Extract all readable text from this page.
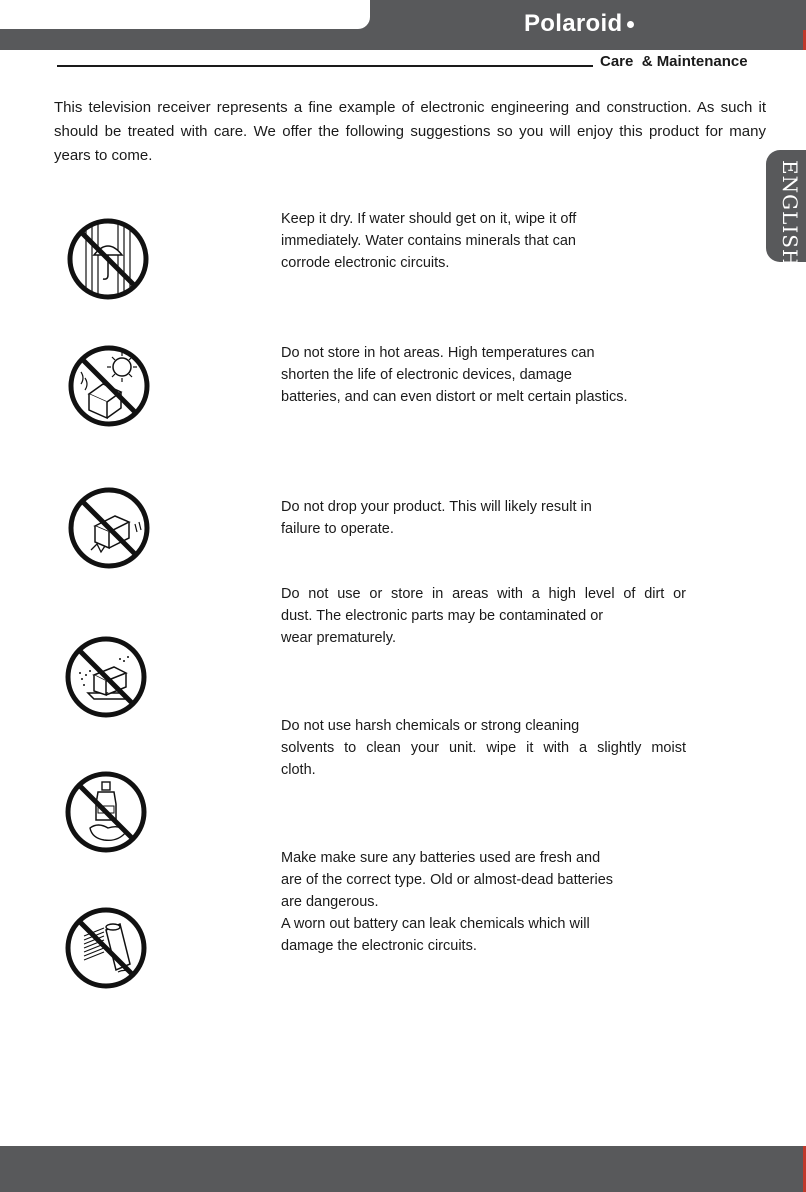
Polaroid
Care  & Maintenance
This television receiver represents a fine example of electronic engineering and construction. As such it should be treated with care. We offer the following suggestions so you will enjoy this product for many years to come.
ENGLISH
Keep it dry. If water should get on it, wipe it off
immediately. Water contains minerals that can
corrode electronic circuits.
Do not store in hot areas. High temperatures can
shorten the life of electronic devices, damage
batteries, and can even distort or melt certain plastics.
Do not drop your product. This will likely result in
failure to operate.
Do not use or store in areas with a high level of dirt or
dust. The electronic parts may be contaminated or
wear prematurely.
Do not use harsh chemicals or strong cleaning
solvents to clean your unit. wipe it with a slightly moist
cloth.
Make make sure any batteries used are fresh and
are of the correct type. Old or almost-dead batteries
are dangerous.
A worn out battery can leak chemicals which will
damage the electronic circuits.
